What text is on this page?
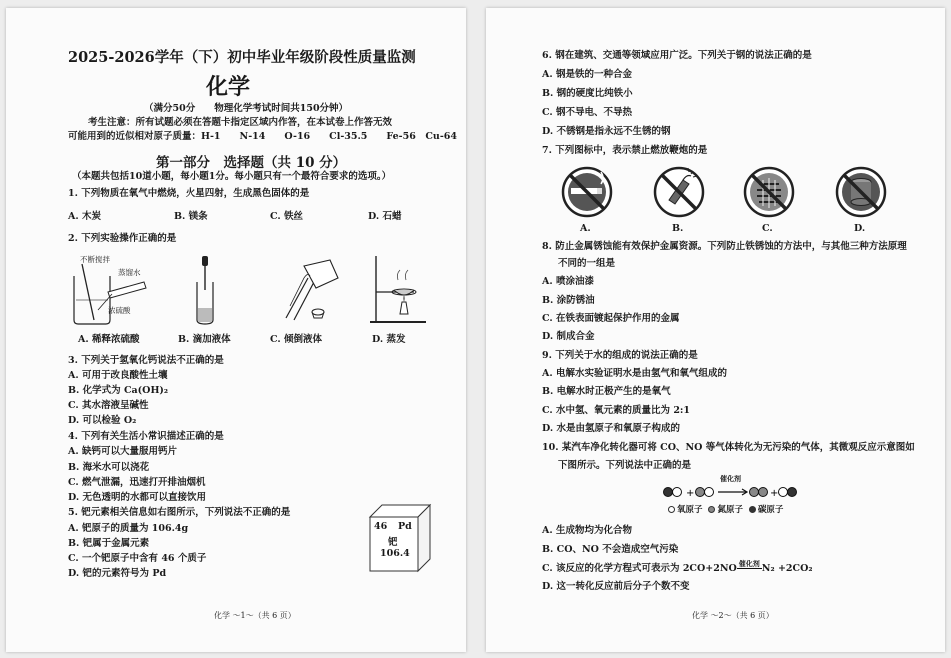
2025-2026学年（下）初中毕业年级阶段性质量监测
化学
（满分50分　　物理化学考试时间共150分钟）
考生注意：所有试题必须在答题卡指定区域内作答，在本试卷上作答无效
可能用到的近似相对原子质量：H-1　　N-14　　O-16　　Cl-35.5　　Fe-56　Cu-64
第一部分　选择题（共 10 分）
（本题共包括10道小题，每小题1分。每小题只有一个最符合要求的选项。）
1. 下列物质在氧气中燃烧，火星四射，生成黑色固体的是
A. 木炭	B. 镁条	C. 铁丝	D. 石蜡
2. 下列实验操作正确的是
不断搅拌
蒸馏水
浓硫酸
A. 稀释浓硫酸	B. 滴加液体	C. 倾倒液体	D. 蒸发
3. 下列关于氢氧化钙说法不正确的是
A. 可用于改良酸性土壤
B. 化学式为 Ca(OH)₂
C. 其水溶液呈碱性
D. 可以检验 O₂
4. 下列有关生活小常识描述正确的是
A. 缺钙可以大量服用钙片
B. 海米水可以浇花
C. 燃气泄漏，迅速打开排油烟机
D. 无色透明的水都可以直接饮用
5. 钯元素相关信息如右图所示，下列说法不正确的是
A. 钯原子的质量为 106.4g
B. 钯属于金属元素
C. 一个钯原子中含有 46 个质子
D. 钯的元素符号为 Pd
46 Pd
钯
106.4
化学 ～1～（共 6 页）
6. 钢在建筑、交通等领域应用广泛。下列关于钢的说法正确的是
A. 钢是铁的一种合金
B. 钢的硬度比纯铁小
C. 钢不导电、不导热
D. 不锈钢是指永远不生锈的钢
7. 下列图标中，表示禁止燃放鞭炮的是
A.	B.	C.	D.
8. 防止金属锈蚀能有效保护金属资源。下列防止铁锈蚀的方法中，与其他三种方法原理
不同的一组是
A. 喷涂油漆
B. 涂防锈油
C. 在铁表面镀起保护作用的金属
D. 制成合金
9. 下列关于水的组成的说法正确的是
A. 电解水实验证明水是由氢气和氧气组成的
B. 电解水时正极产生的是氧气
C. 水中氢、氧元素的质量比为 2:1
D. 水是由氢原子和氧原子构成的
10. 某汽车净化转化器可将 CO、NO 等气体转化为无污染的气体，其微观反应示意图如
下图所示。下列说法中正确的是
+	+
催化剂
氧原子 氮原子 碳原子
A. 生成物均为化合物
B. CO、NO 不会造成空气污染
C. 该反应的化学方程式可表示为 2CO+2NO 催化剂 N₂ +2CO₂
D. 这一转化反应前后分子个数不变
化学 ～2～（共 6 页）
